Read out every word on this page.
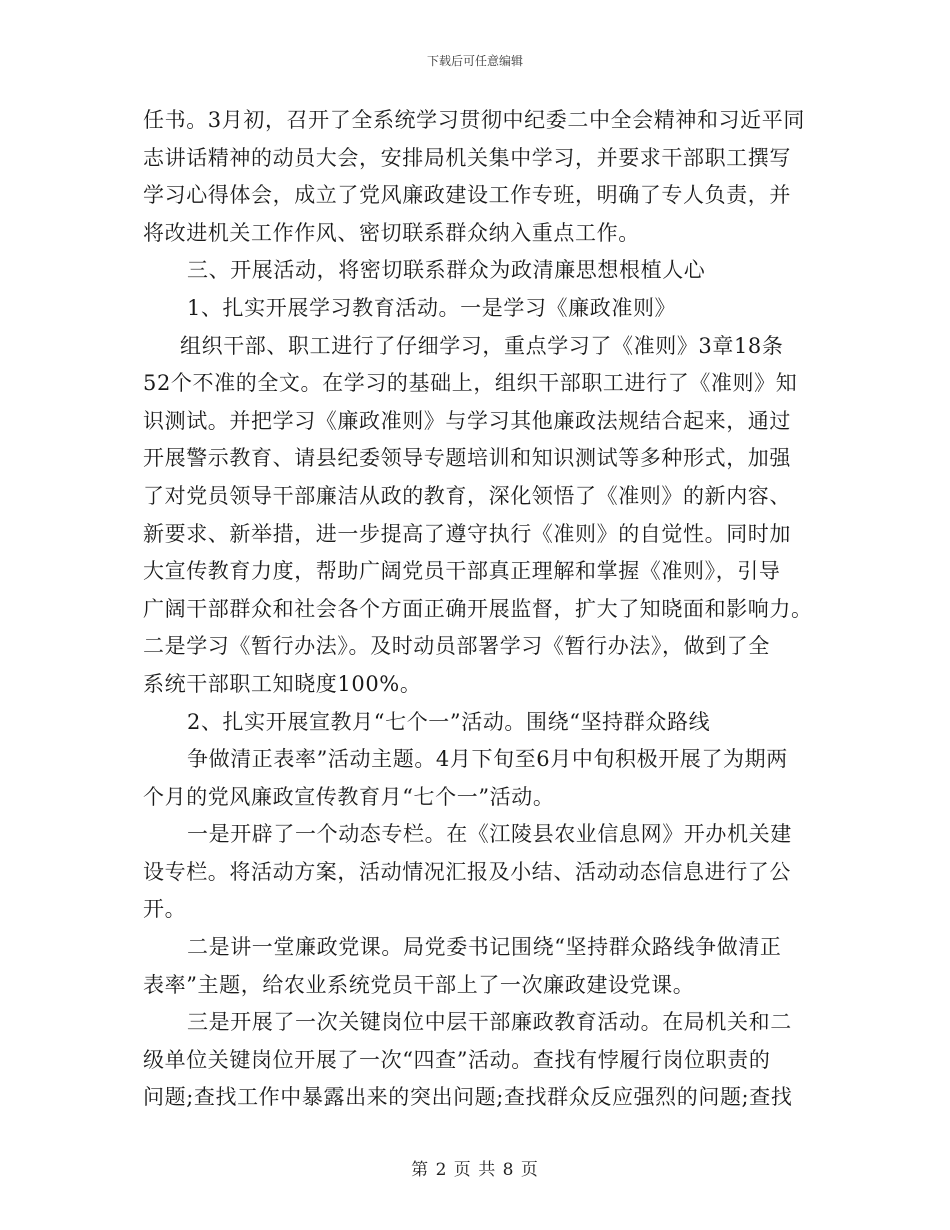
下载后可任意编辑
任书。3月初，召开了全系统学习贯彻中纪委二中全会精神和习近平同
志讲话精神的动员大会，安排局机关集中学习，并要求干部职工撰写
学习心得体会，成立了党风廉政建设工作专班，明确了专人负责，并
将改进机关工作作风、密切联系群众纳入重点工作。
三、开展活动，将密切联系群众为政清廉思想根植人心
1、扎实开展学习教育活动。一是学习《廉政准则》
组织干部、职工进行了仔细学习，重点学习了《准则》3章18条
52个不准的全文。在学习的基础上，组织干部职工进行了《准则》知
识测试。并把学习《廉政准则》与学习其他廉政法规结合起来，通过
开展警示教育、请县纪委领导专题培训和知识测试等多种形式，加强
了对党员领导干部廉洁从政的教育，深化领悟了《准则》的新内容、
新要求、新举措，进一步提高了遵守执行《准则》的自觉性。同时加
大宣传教育力度，帮助广阔党员干部真正理解和掌握《准则》，引导
广阔干部群众和社会各个方面正确开展监督，扩大了知晓面和影响力。
二是学习《暂行办法》。及时动员部署学习《暂行办法》，做到了全
系统干部职工知晓度100%。
2、扎实开展宣教月“七个一”活动。围绕“坚持群众路线
争做清正表率”活动主题。4月下旬至6月中旬积极开展了为期两
个月的党风廉政宣传教育月“七个一”活动。
一是开辟了一个动态专栏。在《江陵县农业信息网》开办机关建
设专栏。将活动方案，活动情况汇报及小结、活动动态信息进行了公
开。
二是讲一堂廉政党课。局党委书记围绕“坚持群众路线争做清正
表率”主题，给农业系统党员干部上了一次廉政建设党课。
三是开展了一次关键岗位中层干部廉政教育活动。在局机关和二
级单位关键岗位开展了一次“四查”活动。查找有悖履行岗位职责的
问题;查找工作中暴露出来的突出问题;查找群众反应强烈的问题;查找
第 2 页 共 8 页
